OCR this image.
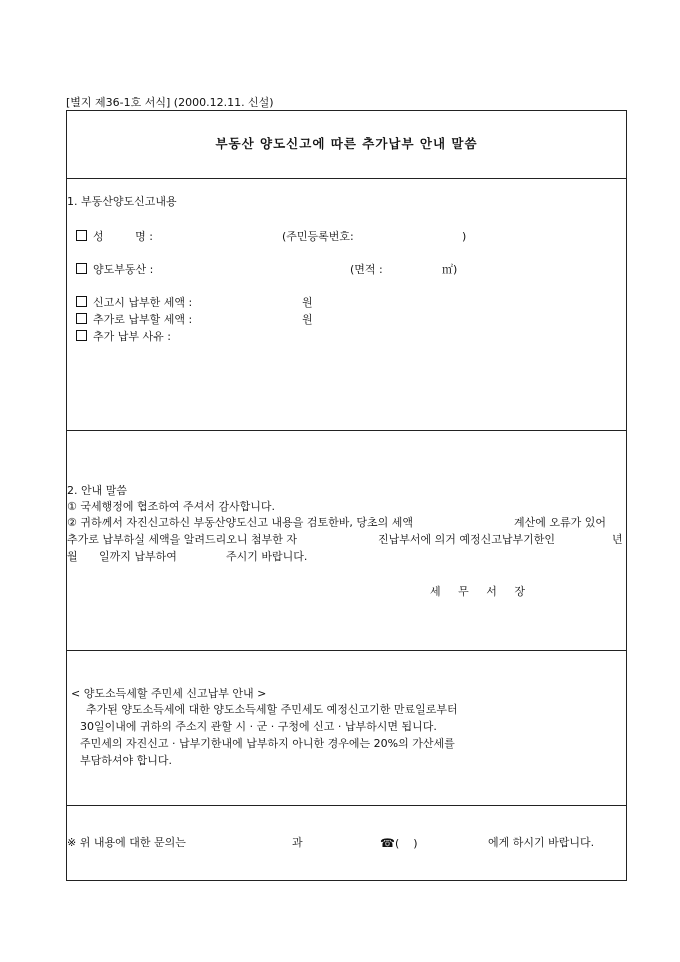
[별지 제36-1호 서식] (2000.12.11. 신설)
부동산 양도신고에 따른 추가납부 안내 말씀
1. 부동산양도신고내용
성         명 :	(주민등록번호:	)
양도부동산 :	(면적 :	㎡)
신고시 납부한 세액 :	원
추가로 납부할 세액 :	원
추가 납부 사유 :
2. 안내 말씀
① 국세행정에 협조하여 주셔서 감사합니다.
② 귀하께서 자진신고하신 부동산양도신고 내용을 검토한바, 당초의 세액	계산에 오류가 있어
추가로 납부하실 세액을 알려드리오니 첨부한 자	진납부서에 의거 예정신고납부기한인	년
월 일까지 납부하여	주시기 바랍니다.
세     무     서     장
< 양도소득세할 주민세 신고납부 안내 >
추가된 양도소득세에 대한 양도소득세할 주민세도 예정신고기한 만료일로부터
30일이내에 귀하의 주소지 관할 시 · 군 · 구청에 신고 · 납부하시면 됩니다.
주민세의 자진신고 · 납부기한내에 납부하지 아니한 경우에는 20%의 가산세를
부담하셔야 합니다.
※ 위 내용에 대한 문의는	과	☎(    )	에게 하시기 바랍니다.
